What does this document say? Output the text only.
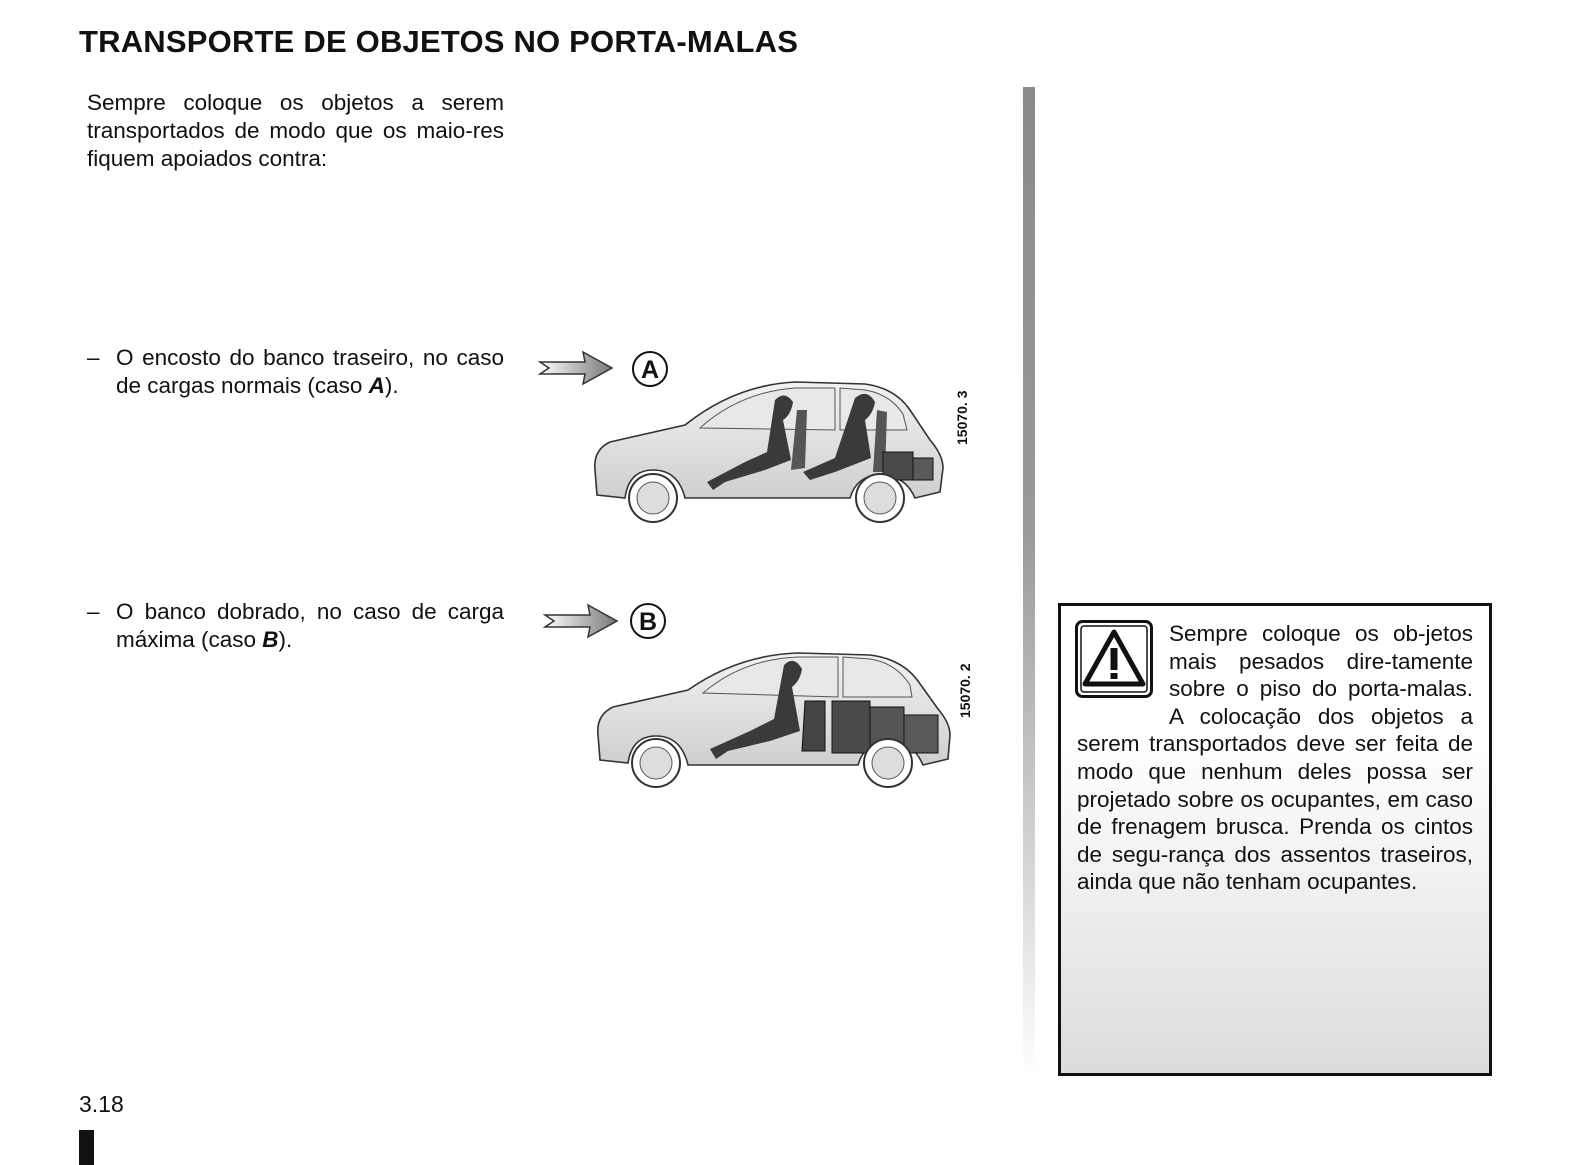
TRANSPORTE DE OBJETOS NO PORTA-MALAS
Sempre coloque os objetos a serem transportados de modo que os maio-res fiquem apoiados contra:
– O encosto do banco traseiro, no caso de cargas normais (caso A).
– O banco dobrado, no caso de carga máxima (caso B).
A
15070. 3
B
15070. 2
Sempre coloque os ob-jetos mais pesados dire-tamente sobre o piso do porta-malas. A colocação dos objetos a serem transportados deve ser feita de modo que nenhum deles possa ser projetado sobre os ocupantes, em caso de frenagem brusca. Prenda os cintos de segu-rança dos assentos traseiros, ainda que não tenham ocupantes.
3.18
